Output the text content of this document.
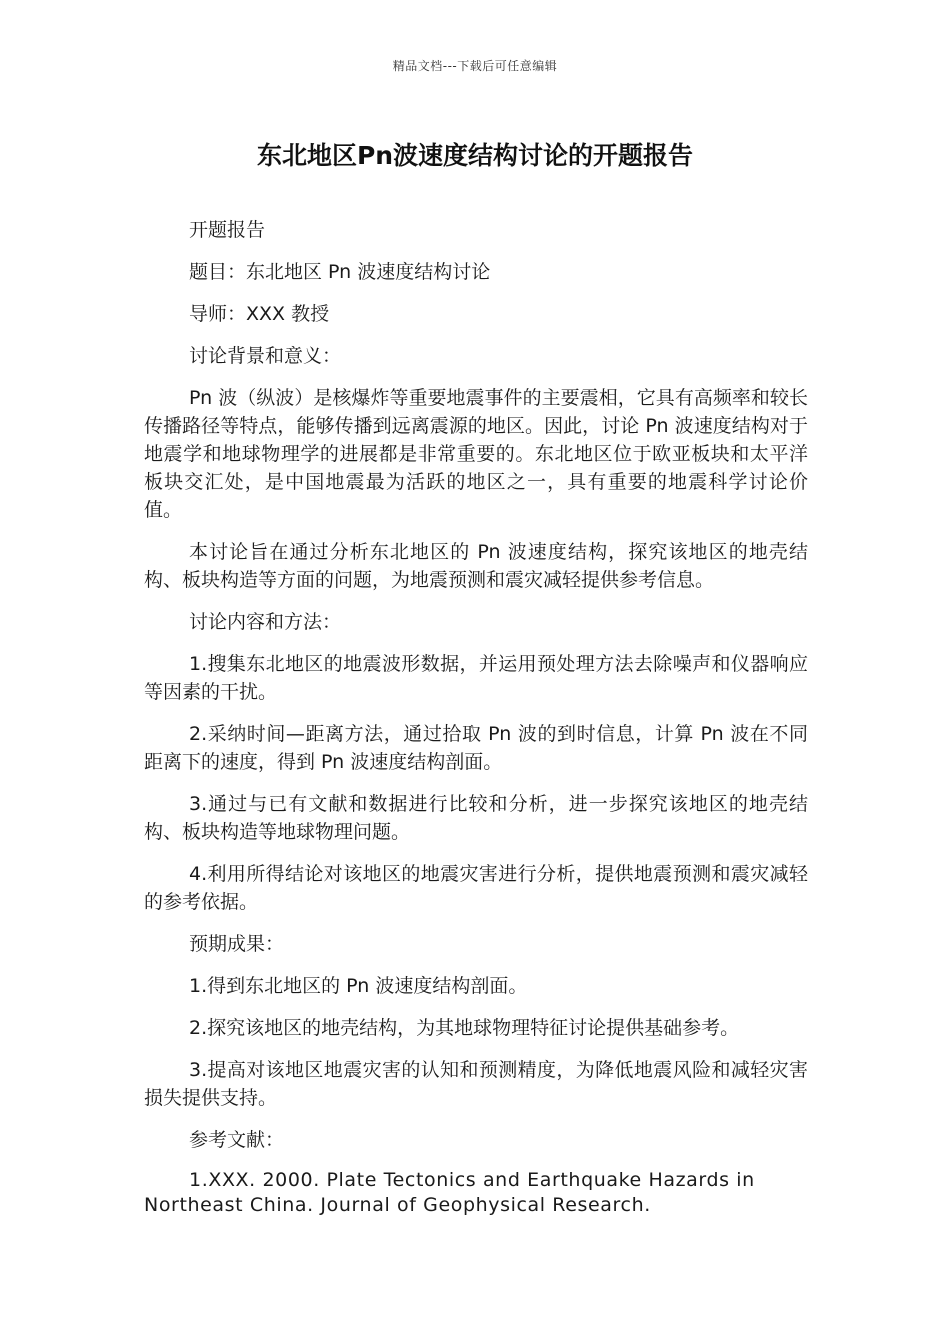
精品文档---下载后可任意编辑
东北地区Pn波速度结构讨论的开题报告

开题报告

题目：东北地区 Pn 波速度结构讨论

导师：XXX 教授

讨论背景和意义：

Pn 波（纵波）是核爆炸等重要地震事件的主要震相，它具有高频率和较长传播路径等特点，能够传播到远离震源的地区。因此，讨论 Pn 波速度结构对于地震学和地球物理学的进展都是非常重要的。东北地区位于欧亚板块和太平洋板块交汇处，是中国地震最为活跃的地区之一，具有重要的地震科学讨论价值。

本讨论旨在通过分析东北地区的 Pn 波速度结构，探究该地区的地壳结构、板块构造等方面的问题，为地震预测和震灾减轻提供参考信息。

讨论内容和方法：

1.搜集东北地区的地震波形数据，并运用预处理方法去除噪声和仪器响应等因素的干扰。

2.采纳时间—距离方法，通过拾取 Pn 波的到时信息，计算 Pn 波在不同距离下的速度，得到 Pn 波速度结构剖面。

3.通过与已有文献和数据进行比较和分析，进一步探究该地区的地壳结构、板块构造等地球物理问题。

4.利用所得结论对该地区的地震灾害进行分析，提供地震预测和震灾减轻的参考依据。

预期成果：

1.得到东北地区的 Pn 波速度结构剖面。

2.探究该地区的地壳结构，为其地球物理特征讨论提供基础参考。

3.提高对该地区地震灾害的认知和预测精度，为降低地震风险和减轻灾害损失提供支持。

参考文献：

1.XXX. 2000. Plate Tectonics and Earthquake Hazards in Northeast China. Journal of Geophysical Research.
